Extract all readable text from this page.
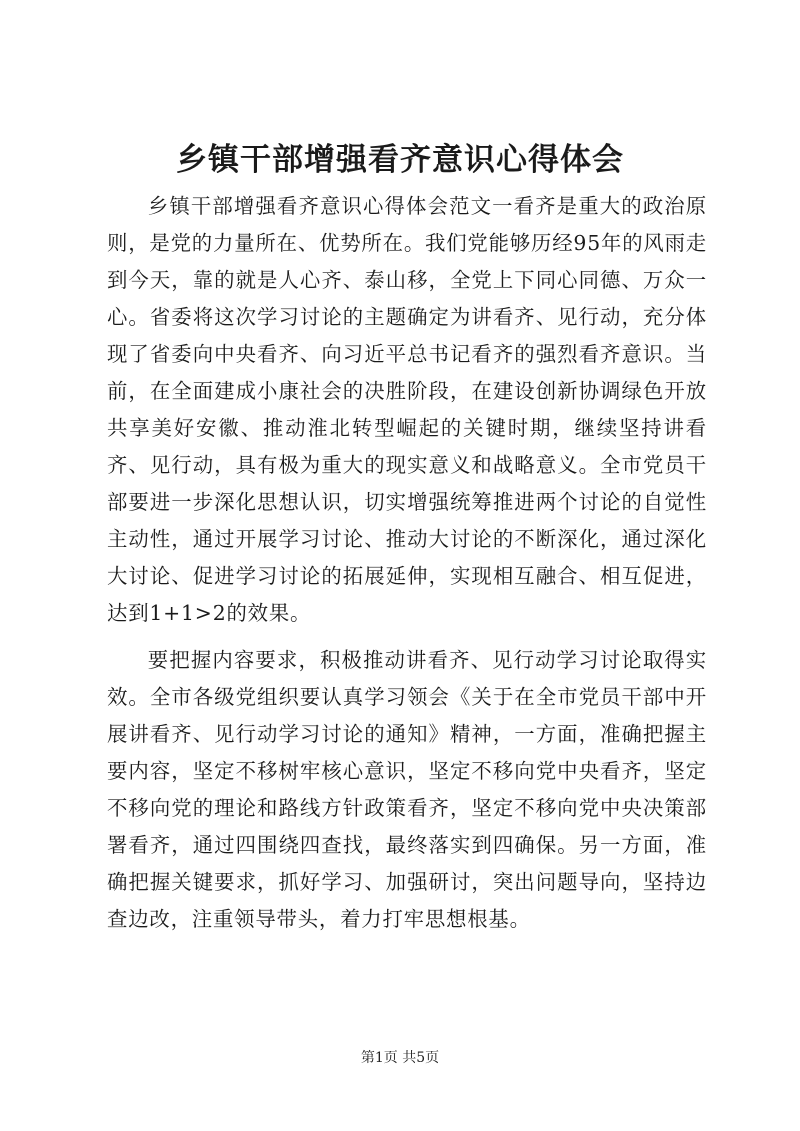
乡镇干部增强看齐意识心得体会

乡镇干部增强看齐意识心得体会范文一看齐是重大的政治原则，是党的力量所在、优势所在。我们党能够历经95年的风雨走到今天，靠的就是人心齐、泰山移，全党上下同心同德、万众一心。省委将这次学习讨论的主题确定为讲看齐、见行动，充分体现了省委向中央看齐、向习近平总书记看齐的强烈看齐意识。当前，在全面建成小康社会的决胜阶段，在建设创新协调绿色开放共享美好安徽、推动淮北转型崛起的关键时期，继续坚持讲看齐、见行动，具有极为重大的现实意义和战略意义。全市党员干部要进一步深化思想认识，切实增强统筹推进两个讨论的自觉性主动性，通过开展学习讨论、推动大讨论的不断深化，通过深化大讨论、促进学习讨论的拓展延伸，实现相互融合、相互促进，达到1+1>2的效果。

要把握内容要求，积极推动讲看齐、见行动学习讨论取得实效。全市各级党组织要认真学习领会《关于在全市党员干部中开展讲看齐、见行动学习讨论的通知》精神，一方面，准确把握主要内容，坚定不移树牢核心意识，坚定不移向党中央看齐，坚定不移向党的理论和路线方针政策看齐，坚定不移向党中央决策部署看齐，通过四围绕四查找，最终落实到四确保。另一方面，准确把握关键要求，抓好学习、加强研讨，突出问题导向，坚持边查边改，注重领导带头，着力打牢思想根基。

第1页 共5页
